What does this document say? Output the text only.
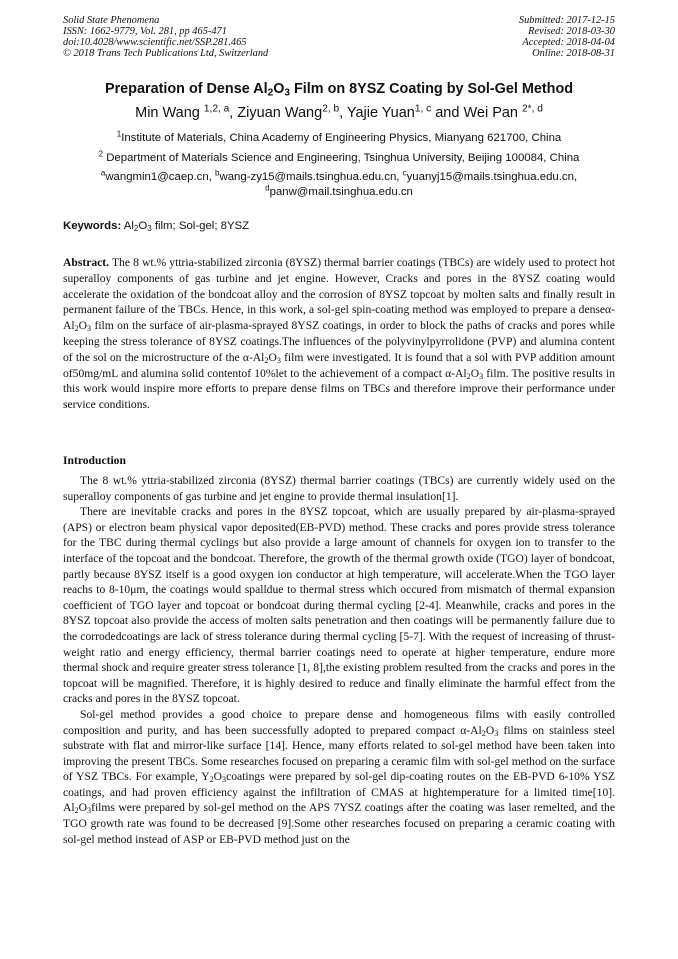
Solid State Phenomena
ISSN: 1662-9779, Vol. 281, pp 465-471
doi:10.4028/www.scientific.net/SSP.281.465
© 2018 Trans Tech Publications Ltd, Switzerland
Submitted: 2017-12-15
Revised: 2018-03-30
Accepted: 2018-04-04
Online: 2018-08-31
Preparation of Dense $Al_2O_3$ Film on 8YSZ Coating by Sol-Gel Method
Min Wang $^{1,2, a}$, Ziyuan Wang$^{2, b}$, Yajie Yuan$^{1, c}$ and Wei Pan $^{2*, d}$
$^1$Institute of Materials, China Academy of Engineering Physics, Mianyang 621700, China
$^2$ Department of Materials Science and Engineering, Tsinghua University, Beijing 100084, China
$^a$wangmin1@caep.cn, $^b$wang-zy15@mails.tsinghua.edu.cn, $^c$yuanyj15@mails.tsinghua.edu.cn,
$^d$panw@mail.tsinghua.edu.cn
Keywords: $Al_2O_3$ film; Sol-gel; 8YSZ

Abstract. The 8 wt.% yttria-stabilized zirconia (8YSZ) thermal barrier coatings (TBCs) are widely used to protect hot superalloy components of gas turbine and jet engine. However, Cracks and pores in the 8YSZ coating would accelerate the oxidation of the bondcoat alloy and the corrosion of 8YSZ topcoat by molten salts and finally result in permanent failure of the TBCs. Hence, in this work, a sol-gel spin-coating method was employed to prepare a denseα-$Al_2O_3$ film on the surface of air-plasma-sprayed 8YSZ coatings, in order to block the paths of cracks and pores while keeping the stress tolerance of 8YSZ coatings.The influences of the polyvinylpyrrolidone (PVP) and alumina content of the sol on the microstructure of the $\alpha-Al_2O_3$ film were investigated. It is found that a sol with PVP addition amount of50mg/mL and alumina solid contentof 10%let to the achievement of a compact $\alpha-Al_2O_3$ film. The positive results in this work would inspire more efforts to prepare dense films on TBCs and therefore improve their performance under service conditions.

Introduction

The 8 wt.% yttria-stabilized zirconia (8YSZ) thermal barrier coatings (TBCs) are currently widely used on the superalloy components of gas turbine and jet engine to provide thermal insulation[1].

There are inevitable cracks and pores in the 8YSZ topcoat, which are usually prepared by air-plasma-sprayed (APS) or electron beam physical vapor deposited(EB-PVD) method. These cracks and pores provide stress tolerance for the TBC during thermal cyclings but also provide a large amount of channels for oxygen ion to transfer to the interface of the topcoat and the bondcoat. Therefore, the growth of the thermal growth oxide (TGO) layer of bondcoat, partly because 8YSZ itself is a good oxygen ion conductor at high temperature, will accelerate.When the TGO layer reachs to 8-10μm, the coatings would spalldue to thermal stress which occured from mismatch of thermal expansion coefficient of TGO layer and topcoat or bondcoat during thermal cycling [2-4]. Meanwhile, cracks and pores in the 8YSZ topcoat also provide the access of molten salts penetration and then coatings will be permanently failure due to the corrodedcoatings are lack of stress tolerance during thermal cycling [5-7]. With the request of increasing of thrust-weight ratio and energy efficiency, thermal barrier coatings need to operate at higher temperature, endure more thermal shock and require greater stress tolerance [1, 8],the existing problem resulted from the cracks and pores in the topcoat will be magnified. Therefore, it is highly desired to reduce and finally eliminate the harmful effect from the cracks and pores in the 8YSZ topcoat.

Sol-gel method provides a good choice to prepare dense and homogeneous films with easily controlled composition and purity, and has been successfully adopted to prepared compact $\alpha-Al_2O_3$ films on stainless steel substrate with flat and mirror-like surface [14]. Hence, many efforts related to sol-gel method have been taken into improving the present TBCs. Some researches focused on preparing a ceramic film with sol-gel method on the surface of YSZ TBCs. For example, $Y_2O_3coatings$ were prepared by sol-gel dip-coating routes on the EB-PVD 6-10% YSZ coatings, and had proven efficiency against the infiltration of CMAS at hightemperature for a limited time[10]. $Al_2O_3films$ were prepared by sol-gel method on the APS 7YSZ coatings after the coating was laser remelted, and the TGO growth rate was found to be decreased [9].Some other researches focused on preparing a ceramic coating with sol-gel method instead of ASP or EB-PVD method just on the
